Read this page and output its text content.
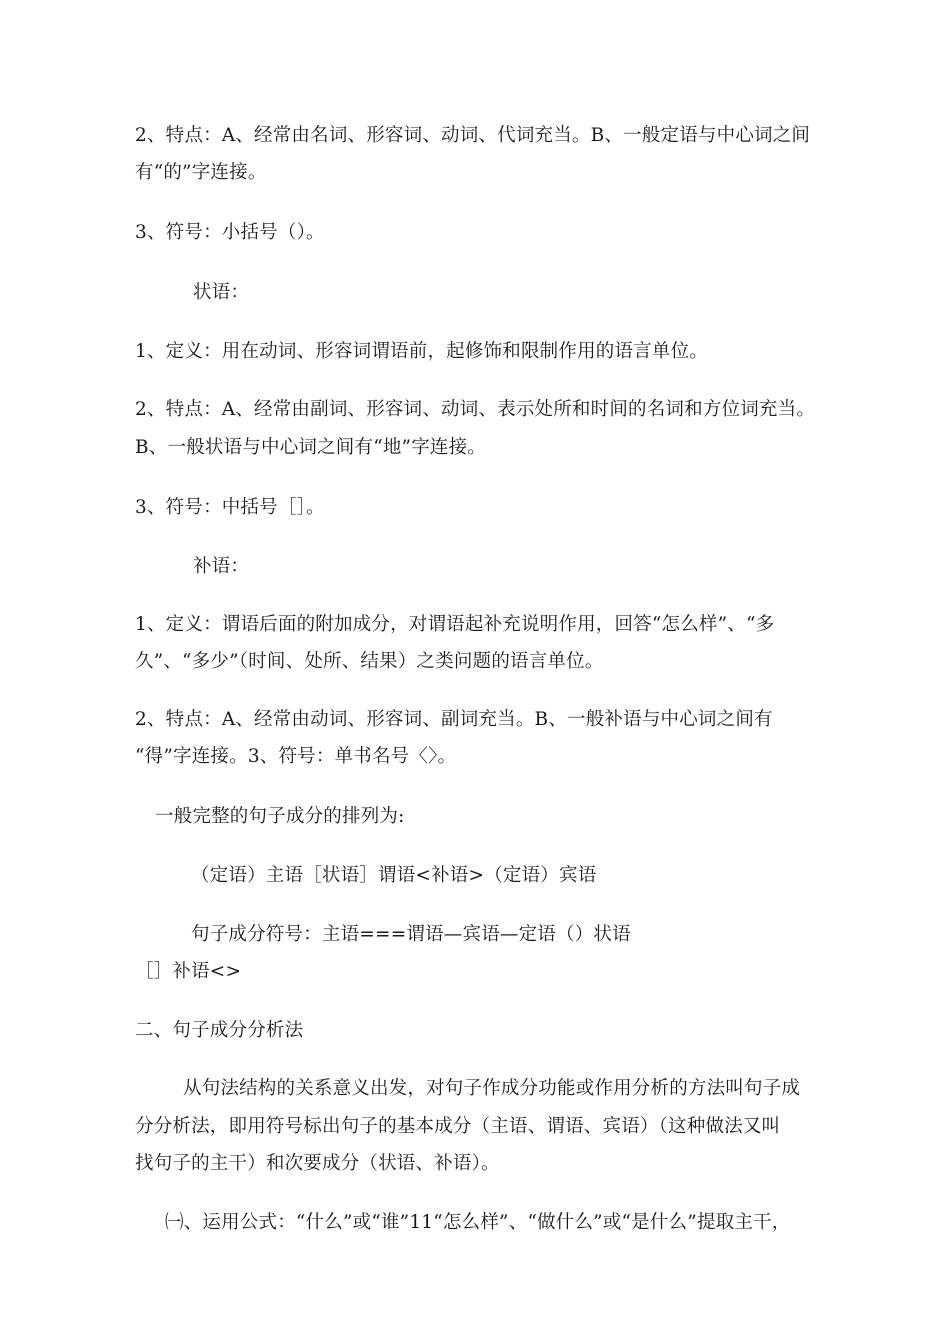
2、特点：A、经常由名词、形容词、动词、代词充当。B、一般定语与中心词之间
有“的”字连接。
3、符号：小括号（）。
状语：
1、定义：用在动词、形容词谓语前，起修饰和限制作用的语言单位。
2、特点：A、经常由副词、形容词、动词、表示处所和时间的名词和方位词充当。
B、一般状语与中心词之间有“地”字连接。
3、符号：中括号［］。
补语：
1、定义：谓语后面的附加成分，对谓语起补充说明作用，回答“怎么样”、“多
久”、“多少”（时间、处所、结果）之类问题的语言单位。
2、特点：A、经常由动词、形容词、副词充当。B、一般补语与中心词之间有
“得”字连接。3、符号：单书名号〈〉。
一般完整的句子成分的排列为:
（定语）主语［状语］谓语<补语>（定语）宾语
句子成分符号：主语===谓语—宾语—定语（）状语
［］补语<>
二、句子成分分析法
从句法结构的关系意义出发，对句子作成分功能或作用分析的方法叫句子成
分分析法，即用符号标出句子的基本成分（主语、谓语、宾语）（这种做法又叫
找句子的主干）和次要成分（状语、补语）。
㈠、运用公式：“什么”或“谁”11“怎么样”、“做什么”或“是什么”提取主干，
